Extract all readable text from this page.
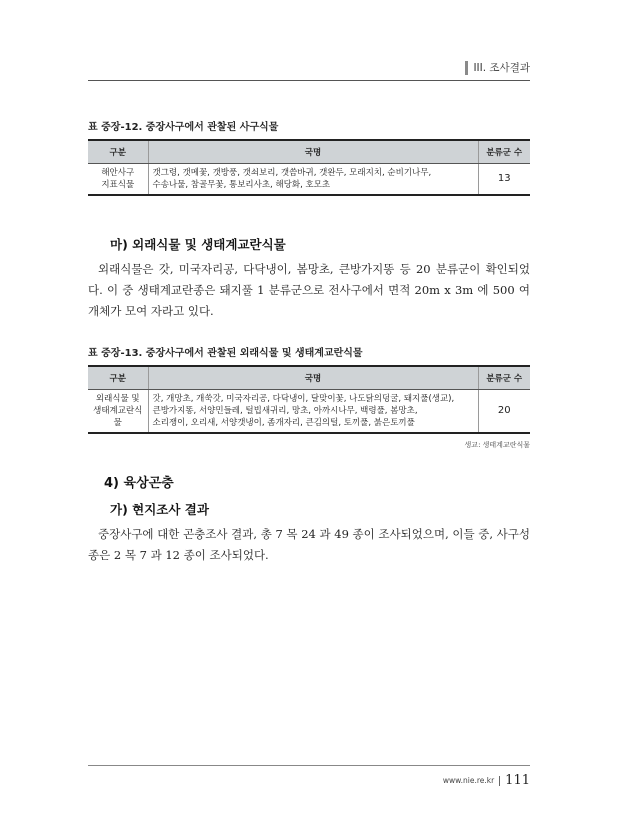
III. 조사결과
표 중장-12. 중장사구에서 관찰된 사구식물
구분	국명	분류군 수
해안사구
지표식물	갯그령, 갯메꽃, 갯방풍, 갯쇠보리, 갯씀바귀, 갯완두, 모래지치, 순비기나무,
수송나물, 참골무꽃, 통보리사초, 해당화, 호모초	13
마) 외래식물 및 생태계교란식물
외래식물은 갓, 미국자리공, 다닥냉이, 봄망초, 큰방가지똥 등 20 분류군이 확인되었다. 이 중 생태계교란종은 돼지풀 1 분류군으로 전사구에서 면적 20m x 3m 에 500 여 개체가 모여 자라고 있다.
표 중장-13. 중장사구에서 관찰된 외래식물 및 생태계교란식물
구분	국명	분류군 수
외래식물 및
생태계교란식물	갓, 개망초, 개쑥갓, 미국자리공, 다닥냉이, 달맞이꽃, 나도닭의덩굴, 돼지풀(생교),
큰방가지똥, 서양민들레, 털빕새귀리, 망초, 아까시나무, 백령풀, 봄망초,
소리쟁이, 오리새, 서양갯냉이, 좀개자리, 큰김의털, 토끼풀, 붉은토끼풀	20
생교: 생태계교란식물
4) 육상곤충
가) 현지조사 결과
중장사구에 대한 곤충조사 결과, 총 7 목 24 과 49 종이 조사되었으며, 이들 중, 사구성종은 2 목 7 과 12 종이 조사되었다.
www.nie.re.kr 111
